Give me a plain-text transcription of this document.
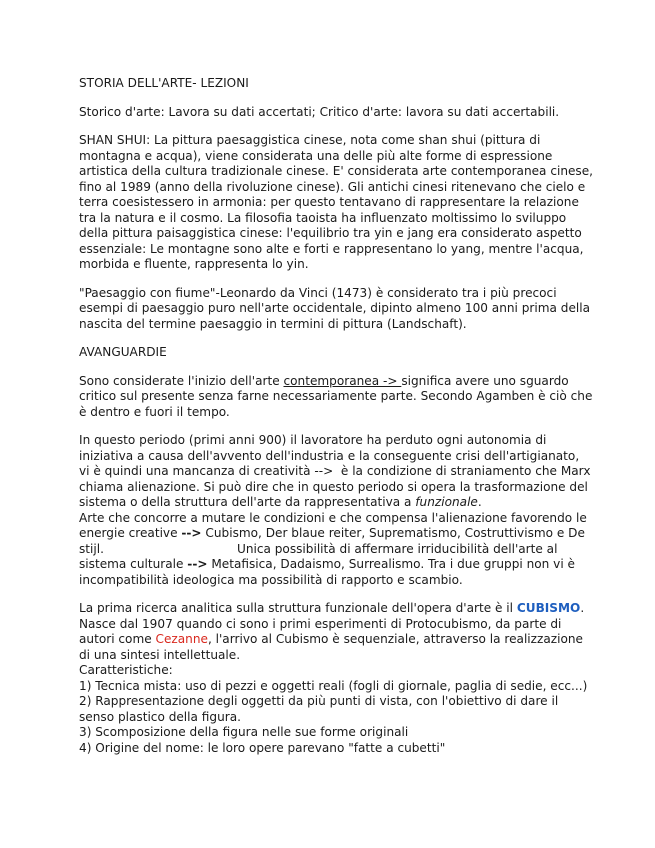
STORIA DELL'ARTE- LEZIONI

Storico d'arte: Lavora su dati accertati; Critico d'arte: lavora su dati accertabili.

SHAN SHUI: La pittura paesaggistica cinese, nota come shan shui (pittura di
montagna e acqua), viene considerata una delle più alte forme di espressione
artistica della cultura tradizionale cinese. E' considerata arte contemporanea cinese,
fino al 1989 (anno della rivoluzione cinese). Gli antichi cinesi ritenevano che cielo e
terra coesistessero in armonia: per questo tentavano di rappresentare la relazione
tra la natura e il cosmo. La filosofia taoista ha influenzato moltissimo lo sviluppo
della pittura paisaggistica cinese: l'equilibrio tra yin e jang era considerato aspetto
essenziale: Le montagne sono alte e forti e rappresentano lo yang, mentre l'acqua,
morbida e fluente, rappresenta lo yin.

"Paesaggio con fiume"-Leonardo da Vinci (1473) è considerato tra i più precoci
esempi di paesaggio puro nell'arte occidentale, dipinto almeno 100 anni prima della
nascita del termine paesaggio in termini di pittura (Landschaft).

AVANGUARDIE

Sono considerate l'inizio dell'arte contemporanea -> significa avere uno sguardo
critico sul presente senza farne necessariamente parte. Secondo Agamben è ciò che
è dentro e fuori il tempo.

In questo periodo (primi anni 900) il lavoratore ha perduto ogni autonomia di
iniziativa a causa dell'avvento dell'industria e la conseguente crisi dell'artigianato,
vi è quindi una mancanza di creatività -->  è la condizione di straniamento che Marx
chiama alienazione. Si può dire che in questo periodo si opera la trasformazione del
sistema o della struttura dell'arte da rappresentativa a funzionale.
Arte che concorre a mutare le condizioni e che compensa l'alienazione favorendo le
energie creative --> Cubismo, Der blaue reiter, Suprematismo, Costruttivismo e De
stijl.	Unica possibilità di affermare irriducibilità dell'arte al
sistema culturale --> Metafisica, Dadaismo, Surrealismo. Tra i due gruppi non vi è
incompatibilità ideologica ma possibilità di rapporto e scambio.

La prima ricerca analitica sulla struttura funzionale dell'opera d'arte è il CUBISMO.
Nasce dal 1907 quando ci sono i primi esperimenti di Protocubismo, da parte di
autori come Cezanne, l'arrivo al Cubismo è sequenziale, attraverso la realizzazione
di una sintesi intellettuale.
Caratteristiche:
1) Tecnica mista: uso di pezzi e oggetti reali (fogli di giornale, paglia di sedie, ecc...)
2) Rappresentazione degli oggetti da più punti di vista, con l'obiettivo di dare il
senso plastico della figura.
3) Scomposizione della figura nelle sue forme originali
4) Origine del nome: le loro opere parevano "fatte a cubetti"
